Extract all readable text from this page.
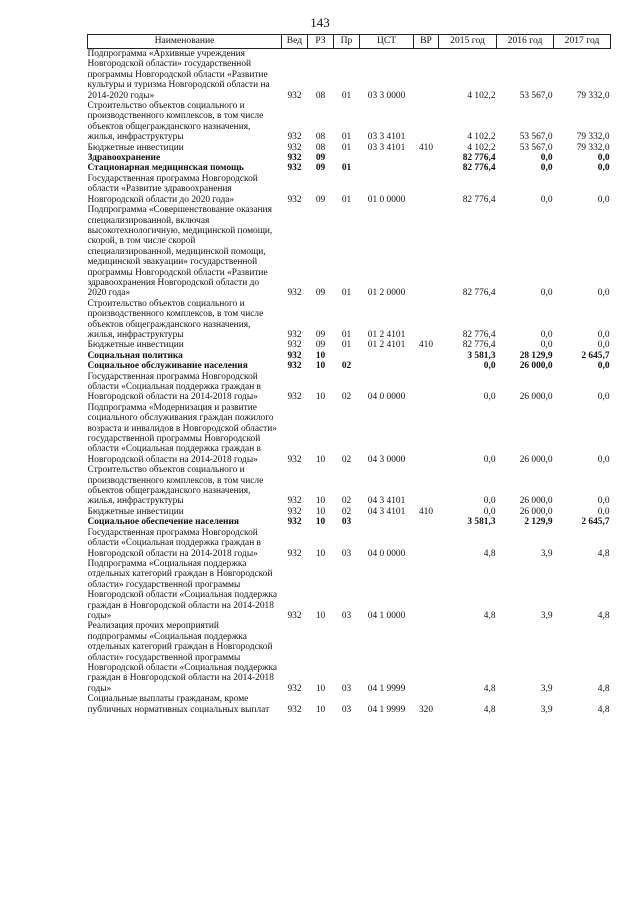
143
Наименование	Вед	РЗ	Пр	ЦСТ	ВР	2015 год	2016 год	2017 год
Подпрограмма «Архивные учреждения Новгородской области» государственной программы Новгородской области «Развитие культуры и туризма Новгородской области на 2014-2020 годы»	932	08	01	03 3 0000		4 102,2	53 567,0	79 332,0
Строительство объектов социального и производственного комплексов, в том числе объектов общегражданского назначения, жилья, инфраструктуры	932	08	01	03 3 4101		4 102,2	53 567,0	79 332,0
Бюджетные инвестиции	932	08	01	03 3 4101	410	4 102,2	53 567,0	79 332,0
Здравоохранение	932	09				82 776,4	0,0	0,0
Стационарная медицинская помощь	932	09	01			82 776,4	0,0	0,0
Государственная программа Новгородской области «Развитие здравоохранения Новгородской области до 2020 года»	932	09	01	01 0 0000		82 776,4	0,0	0,0
Подпрограмма «Совершенствование оказания специализированной, включая высокотехнологичную, медицинской помощи, скорой, в том числе скорой специализированной, медицинской помощи, медицинской эвакуации» государственной программы Новгородской области «Развитие здравоохранения Новгородской области до 2020 года»	932	09	01	01 2 0000		82 776,4	0,0	0,0
Строительство объектов социального и производственного комплексов, в том числе объектов общегражданского назначения, жилья, инфраструктуры	932	09	01	01 2 4101		82 776,4	0,0	0,0
Бюджетные инвестиции	932	09	01	01 2 4101	410	82 776,4	0,0	0,0
Социальная политика	932	10				3 581,3	28 129,9	2 645,7
Социальное обслуживание населения	932	10	02			0,0	26 000,0	0,0
Государственная программа Новгородской области «Социальная поддержка граждан в Новгородской области на 2014-2018 годы»	932	10	02	04 0 0000		0,0	26 000,0	0,0
Подпрограмма «Модернизация и развитие социального обслуживания граждан пожилого возраста и инвалидов в Новгородской области» государственной программы Новгородской области «Социальная поддержка граждан в Новгородской области на 2014-2018 годы»	932	10	02	04 3 0000		0,0	26 000,0	0,0
Строительство объектов социального и производственного комплексов, в том числе объектов общегражданского назначения, жилья, инфраструктуры	932	10	02	04 3 4101		0,0	26 000,0	0,0
Бюджетные инвестиции	932	10	02	04 3 4101	410	0,0	26 000,0	0,0
Социальное обеспечение населения	932	10	03			3 581,3	2 129,9	2 645,7
Государственная программа Новгородской области «Социальная поддержка граждан в Новгородской области на 2014-2018 годы»	932	10	03	04 0 0000		4,8	3,9	4,8
Подпрограмма «Социальная поддержка отдельных категорий граждан в Новгородской области» государственной программы Новгородской области «Социальная поддержка граждан в Новгородской области на 2014-2018 годы»	932	10	03	04 1 0000		4,8	3,9	4,8
Реализация прочих мероприятий подпрограммы «Социальная поддержка отдельных категорий граждан в Новгородской области» государственной программы Новгородской области «Социальная поддержка граждан в Новгородской области на 2014-2018 годы»	932	10	03	04 1 9999		4,8	3,9	4,8
Социальные выплаты гражданам, кроме публичных нормативных социальных выплат	932	10	03	04 1 9999	320	4,8	3,9	4,8
